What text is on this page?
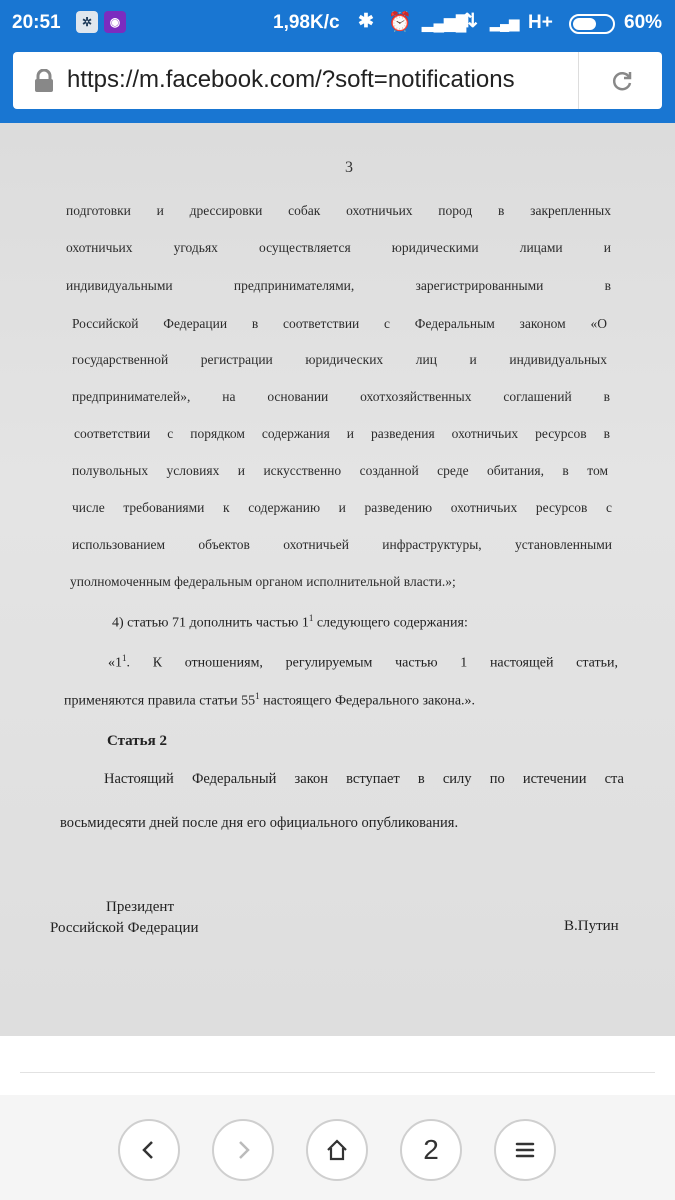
20:51	✲	◉	1,98K/c ✱ ⏰ ▂▄▆█
⇅ ▂▄▆ H+	60%
https://m.facebook.com/?soft=notifications
3
подготовки и дрессировки собак охотничьих пород в закрепленных
охотничьих угодьях осуществляется юридическими лицами и
индивидуальными предпринимателями, зарегистрированными в
Российской Федерации в соответствии с Федеральным законом «О
государственной регистрации юридических лиц и индивидуальных
предпринимателей», на основании охотхозяйственных соглашений в
соответствии с порядком содержания и разведения охотничьих ресурсов в
полувольных условиях и искусственно созданной среде обитания, в том
числе требованиями к содержанию и разведению охотничьих ресурсов с
использованием объектов охотничьей инфраструктуры, установленными
уполномоченным федеральным органом исполнительной власти.»;
4) статью 71 дополнить частью $1^1$ следующего содержания:
«$1^1$. К отношениям, регулируемым частью 1 настоящей статьи,
применяются правила статьи $55^1$ настоящего Федерального закона.».
Статья 2
Настоящий Федеральный закон вступает в силу по истечении ста
восьмидесяти дней после дня его официального опубликования.
Президент
Российской Федерации	В.Путин
2
